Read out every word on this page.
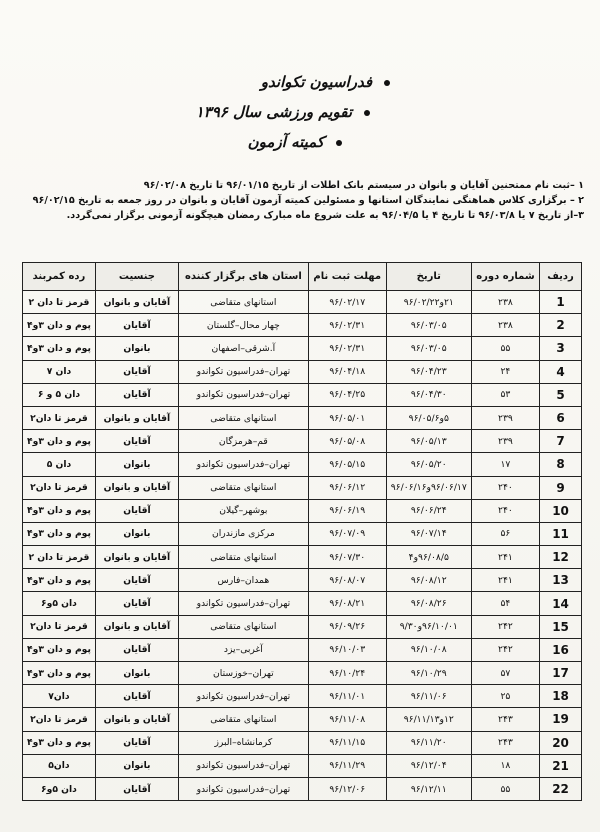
فدراسیون تکواندو
تقویم ورزشی سال ۱۳۹۶
کمیته آزمون
۱ –ثبت نام ممتحنین آقایان و بانوان در سیستم بانک اطلات از تاریخ ۹۶/۰۱/۱۵ تا تاریخ ۹۶/۰۲/۰۸
۲ – برگزاری کلاس هماهنگی نمایندگان استانها و مسئولین کمیته آزمون آقایان و بانوان در روز جمعه به تاریخ ۹۶/۰۲/۱۵
۳–از تاریخ ۷ یا ۹۶/۰۳/۸ تا تاریخ ۴ یا ۹۶/۰۴/۵ به علت شروع ماه مبارک رمضان هیچگونه آزمونی برگزار نمی‌گردد.
ردیف	شماره دوره	تاریخ	مهلت ثبت نام	استان های برگزار کننده	جنسیت	رده کمربند
1	۲۳۸	۲۱و۹۶/۰۲/۲۲	۹۶/۰۲/۱۷	استانهای متقاضی	آقایان و بانوان	قرمز تا دان ۲
2	۲۳۸	۹۶/۰۳/۰۵	۹۶/۰۲/۳۱	چهار محال–گلستان	آقایان	پوم و دان ۳و۴
3	۵۵	۹۶/۰۳/۰۵	۹۶/۰۲/۳۱	آ.شرقی–اصفهان	بانوان	پوم و دان ۳و۴
4	۲۴	۹۶/۰۴/۲۳	۹۶/۰۴/۱۸	تهران–فدراسیون تکواندو	آقایان	دان ۷
5	۵۳	۹۶/۰۴/۳۰	۹۶/۰۴/۲۵	تهران–فدراسیون تکواندو	آقایان	دان ۵ و ۶
6	۲۳۹	۵و۹۶/۰۵/۶	۹۶/۰۵/۰۱	استانهای متقاضی	آقایان و بانوان	قرمز تا دان۲
7	۲۳۹	۹۶/۰۵/۱۳	۹۶/۰۵/۰۸	قم–هرمزگان	آقایان	پوم و دان ۳و۴
8	۱۷	۹۶/۰۵/۲۰	۹۶/۰۵/۱۵	تهران–فدراسیون تکواندو	بانوان	دان ۵
9	۲۴۰	۹۶/۰۶/۱۷و۹۶/۰۶/۱۶	۹۶/۰۶/۱۲	استانهای متقاضی	آقایان و بانوان	قرمز تا دان۲
10	۲۴۰	۹۶/۰۶/۲۴	۹۶/۰۶/۱۹	بوشهر–گیلان	آقایان	پوم و دان ۳و۴
11	۵۶	۹۶/۰۷/۱۴	۹۶/۰۷/۰۹	مرکزی مازندران	بانوان	پوم و دان ۳و۴
12	۲۴۱	۹۶/۰۸/۵و۴	۹۶/۰۷/۳۰	استانهای متقاضی	آقایان و بانوان	قرمز تا دان ۲
13	۲۴۱	۹۶/۰۸/۱۲	۹۶/۰۸/۰۷	همدان–فارس	آقایان	پوم و دان ۳و۴
14	۵۴	۹۶/۰۸/۲۶	۹۶/۰۸/۲۱	تهران–فدراسیون تکواندو	آقایان	دان ۵و۶
15	۲۴۲	۹۶/۱۰/۰۱و۹/۳۰	۹۶/۰۹/۲۶	استانهای متقاضی	آقایان و بانوان	قرمز تا دان۲
16	۲۴۲	۹۶/۱۰/۰۸	۹۶/۱۰/۰۳	آغربی–یزد	آقایان	پوم و دان ۳و۴
17	۵۷	۹۶/۱۰/۲۹	۹۶/۱۰/۲۴	تهران–خوزستان	بانوان	پوم و دان ۳و۴
18	۲۵	۹۶/۱۱/۰۶	۹۶/۱۱/۰۱	تهران–فدراسیون تکواندو	آقایان	دان۷
19	۲۴۳	۱۲و۹۶/۱۱/۱۳	۹۶/۱۱/۰۸	استانهای متقاضی	آقایان و بانوان	قرمز تا دان۲
20	۲۴۳	۹۶/۱۱/۲۰	۹۶/۱۱/۱۵	کرمانشاه–البرز	آقایان	پوم و دان ۳و۴
21	۱۸	۹۶/۱۲/۰۴	۹۶/۱۱/۲۹	تهران–فدراسیون تکواندو	بانوان	دان۵
22	۵۵	۹۶/۱۲/۱۱	۹۶/۱۲/۰۶	تهران–فدراسیون تکواندو	آقایان	دان ۵و۶
